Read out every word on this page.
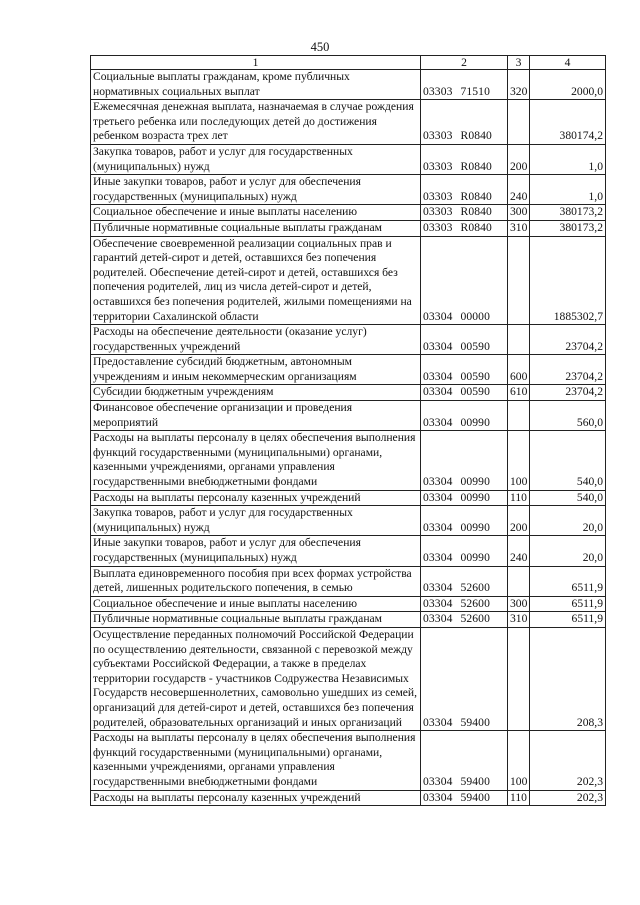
450
1	2	3	4
Социальные выплаты гражданам, кроме публичных нормативных социальных выплат	03303 71510	320	2000,0
Ежемесячная денежная выплата, назначаемая в случае рождения третьего ребенка или последующих детей до достижения ребенком возраста трех лет	03303 R0840		380174,2
Закупка товаров, работ и услуг для государственных (муниципальных) нужд	03303 R0840	200	1,0
Иные закупки товаров, работ и услуг для обеспечения государственных (муниципальных) нужд	03303 R0840	240	1,0
Социальное обеспечение и иные выплаты населению	03303 R0840	300	380173,2
Публичные нормативные социальные выплаты гражданам	03303 R0840	310	380173,2
Обеспечение своевременной реализации социальных прав и гарантий детей-сирот и детей, оставшихся без попечения родителей. Обеспечение детей-сирот и детей, оставшихся без попечения родителей, лиц из числа детей-сирот и детей, оставшихся без попечения родителей, жилыми помещениями на территории Сахалинской области	03304 00000		1885302,7
Расходы на обеспечение деятельности (оказание услуг) государственных учреждений	03304 00590		23704,2
Предоставление субсидий бюджетным, автономным учреждениям и иным некоммерческим организациям	03304 00590	600	23704,2
Субсидии бюджетным учреждениям	03304 00590	610	23704,2
Финансовое обеспечение организации и проведения мероприятий	03304 00990		560,0
Расходы на выплаты персоналу в целях обеспечения выполнения функций государственными (муниципальными) органами, казенными учреждениями, органами управления государственными внебюджетными фондами	03304 00990	100	540,0
Расходы на выплаты персоналу казенных учреждений	03304 00990	110	540,0
Закупка товаров, работ и услуг для государственных (муниципальных) нужд	03304 00990	200	20,0
Иные закупки товаров, работ и услуг для обеспечения государственных (муниципальных) нужд	03304 00990	240	20,0
Выплата единовременного пособия при всех формах устройства детей, лишенных родительского попечения, в семью	03304 52600		6511,9
Социальное обеспечение и иные выплаты населению	03304 52600	300	6511,9
Публичные нормативные социальные выплаты гражданам	03304 52600	310	6511,9
Осуществление переданных полномочий Российской Федерации по осуществлению деятельности, связанной с перевозкой между субъектами Российской Федерации, а также в пределах территории государств - участников Содружества Независимых Государств несовершеннолетних, самовольно ушедших из семей, организаций для детей-сирот и детей, оставшихся без попечения родителей, образовательных организаций и иных организаций	03304 59400		208,3
Расходы на выплаты персоналу в целях обеспечения выполнения функций государственными (муниципальными) органами, казенными учреждениями, органами управления государственными внебюджетными фондами	03304 59400	100	202,3
Расходы на выплаты персоналу казенных учреждений	03304 59400	110	202,3
